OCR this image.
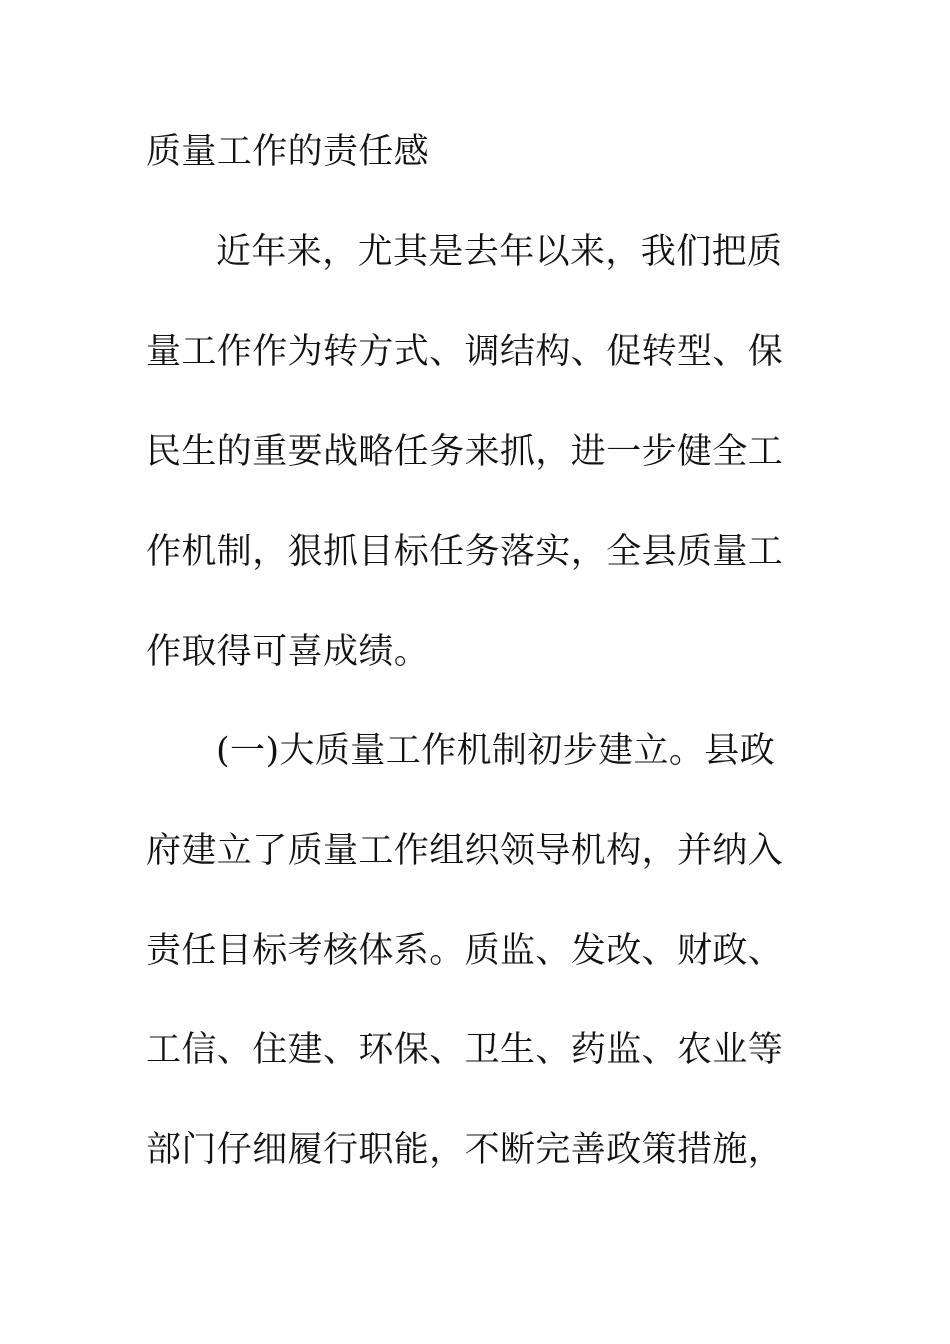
质量工作的责任感
近年来，尤其是去年以来，我们把质
量工作作为转方式、调结构、促转型、保
民生的重要战略任务来抓，进一步健全工
作机制，狠抓目标任务落实，全县质量工
作取得可喜成绩。
(一)大质量工作机制初步建立。县政
府建立了质量工作组织领导机构，并纳入
责任目标考核体系。质监、发改、财政、
工信、住建、环保、卫生、药监、农业等
部门仔细履行职能，不断完善政策措施，
